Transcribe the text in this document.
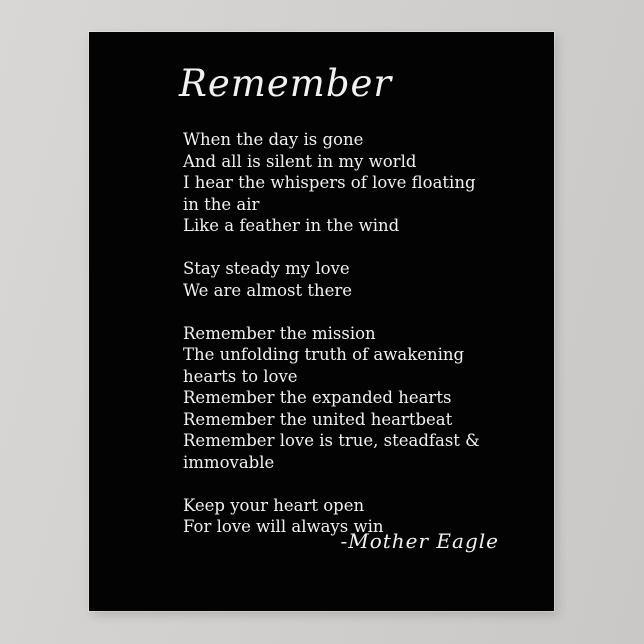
Remember
When the day is gone
And all is silent in my world
I hear the whispers of love floating
in the air
Like a feather in the wind
Stay steady my love
We are almost there
Remember the mission
The unfolding truth of awakening
hearts to love
Remember the expanded hearts
Remember the united heartbeat
Remember love is true, steadfast &
immovable
Keep your heart open
For love will always win
-Mother Eagle
